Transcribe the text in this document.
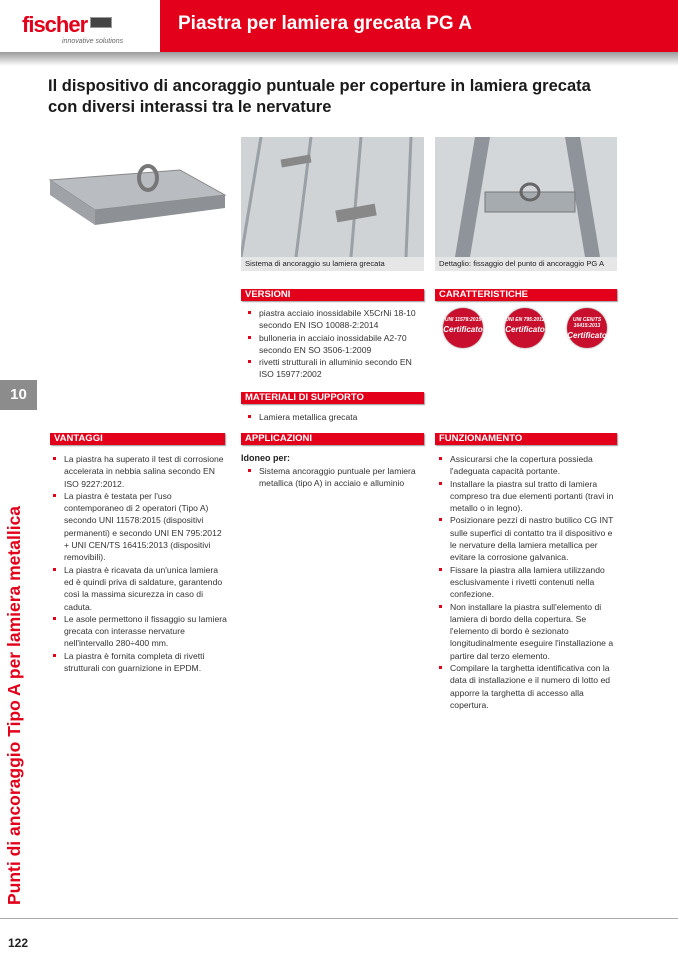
fischer
innovative solutions
Piastra per lamiera grecata PG A
Il dispositivo di ancoraggio puntuale per coperture in lamiera grecata con diversi interassi tra le nervature
Sistema di ancoraggio su lamiera grecata	Dettaglio: fissaggio del punto di ancoraggio PG A
VERSIONI
piastra acciaio inossidabile X5CrNi 18-10 secondo EN ISO 10088-2:2014
bulloneria in acciaio inossidabile A2-70 secondo EN SO 3506-1:2009
rivetti strutturali in alluminio secondo EN ISO 15977:2002
CARATTERISTICHE
UNI 11578:2015
Certificato
UNI EN 795:2012
Certificato
UNI CEN/TS 16415:2013
Certificato
MATERIALI DI SUPPORTO
Lamiera metallica grecata
VANTAGGI
La piastra ha superato il test di corrosione accelerata in nebbia salina secondo EN ISO 9227:2012.
La piastra è testata per l'uso contemporaneo di 2 operatori (Tipo A) secondo UNI 11578:2015 (dispositivi permanenti) e secondo UNI EN 795:2012 + UNI CEN/TS 16415:2013 (dispositivi removibili).
La piastra è ricavata da un'unica lamiera ed è quindi priva di saldature, garantendo così la massima sicurezza in caso di caduta.
Le asole permettono il fissaggio su lamiera grecata con interasse nervature nell'intervallo 280÷400 mm.
La piastra è fornita completa di rivetti strutturali con guarnizione in EPDM.
APPLICAZIONI
Idoneo per:
Sistema ancoraggio puntuale per lamiera metallica (tipo A) in acciaio e alluminio
FUNZIONAMENTO
Assicurarsi che la copertura possieda l'adeguata capacità portante.
Installare la piastra sul tratto di lamiera compreso tra due elementi portanti (travi in metallo o in legno).
Posizionare pezzi di nastro butilico CG INT sulle superfici di contatto tra il dispositivo e le nervature della lamiera metallica per evitare la corrosione galvanica.
Fissare la piastra alla lamiera utilizzando esclusivamente i rivetti contenuti nella confezione.
Non installare la piastra sull'elemento di lamiera di bordo della copertura. Se l'elemento di bordo è sezionato longitudinalmente eseguire l'installazione a partire dal terzo elemento.
Compilare la targhetta identificativa con la data di installazione e il numero di lotto ed apporre la targhetta di accesso alla copertura.
10
Punti di ancoraggio Tipo A per lamiera metallica
122
